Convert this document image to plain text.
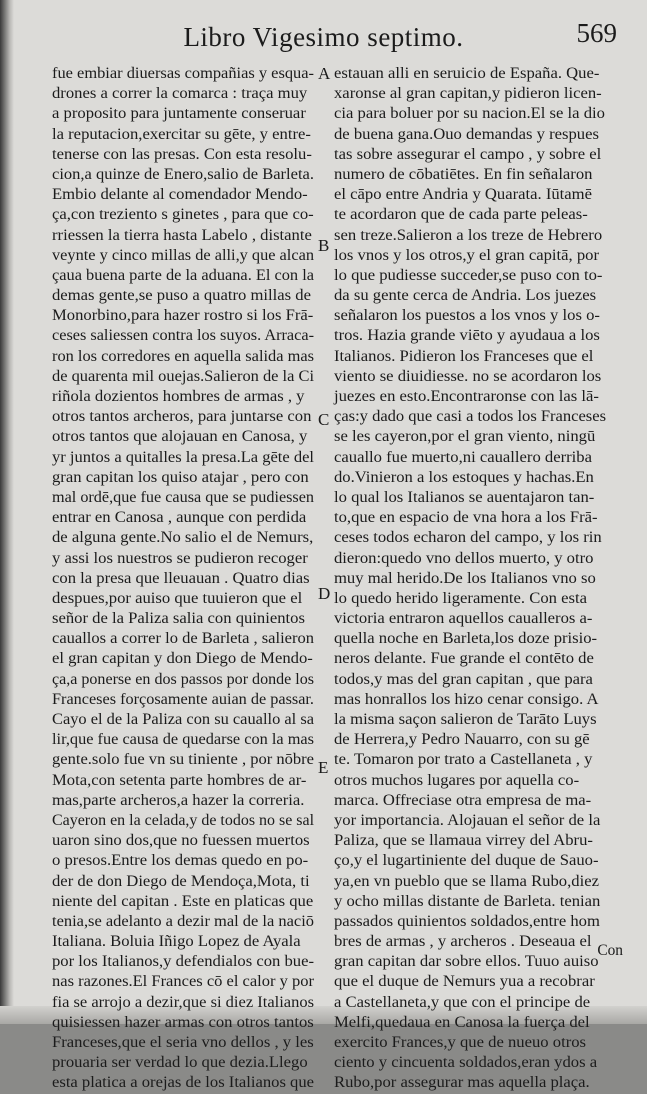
Libro Vigesimo septimo.	569
fue embiar diuersas compañias y esqua-
drones a correr la comarca : traça muy
a proposito para juntamente conseruar
la reputacion,exercitar su gēte, y entre-
tenerse con las presas. Con esta resolu-
cion,a quinze de Enero,salio de Barleta.
Embio delante al comendador Mendo-
ça,con treziento s ginetes , para que co-
rriessen la tierra hasta Labelo , distante
veynte y cinco millas de alli,y que alcan
çaua buena parte de la aduana. El con la
demas gente,se puso a quatro millas de
Monorbino,para hazer rostro si los Frā-
ceses saliessen contra los suyos. Arraca-
ron los corredores en aquella salida mas
de quarenta mil ouejas.Salieron de la Ci
riñola dozientos hombres de armas , y
otros tantos archeros, para juntarse con
otros tantos que alojauan en Canosa, y
yr juntos a quitalles la presa.La gēte del
gran capitan los quiso atajar , pero con
mal ordē,que fue causa que se pudiessen
entrar en Canosa , aunque con perdida
de alguna gente.No salio el de Nemurs,
y assi los nuestros se pudieron recoger
con la presa que lleuauan . Quatro dias
despues,por auiso que tuuieron que el
señor de la Paliza salia con quinientos
cauallos a correr lo de Barleta , salieron
el gran capitan y don Diego de Mendo-
ça,a ponerse en dos passos por donde los
Franceses forçosamente auian de passar.
Cayo el de la Paliza con su cauallo al sa
lir,que fue causa de quedarse con la mas
gente.solo fue vn su tiniente , por nōbre
Mota,con setenta parte hombres de ar-
mas,parte archeros,a hazer la correria.
Cayeron en la celada,y de todos no se sal
uaron sino dos,que no fuessen muertos
o presos.Entre los demas quedo en po-
der de don Diego de Mendoça,Mota, ti
niente del capitan . Este en platicas que
tenia,se adelanto a dezir mal de la naciō
Italiana. Boluia Iñigo Lopez de Ayala
por los Italianos,y defendialos con bue-
nas razones.El Frances cō el calor y por
fia se arrojo a dezir,que si diez Italianos
quisiessen hazer armas con otros tantos
Franceses,que el seria vno dellos , y les
prouaria ser verdad lo que dezia.Llego
esta platica a orejas de los Italianos que
A
B
C
D
E
estauan alli en seruicio de España. Que-
xaronse al gran capitan,y pidieron licen-
cia para boluer por su nacion.El se la dio
de buena gana.Ouo demandas y respues
tas sobre assegurar el campo , y sobre el
numero de cōbatiētes. En fin señalaron
el cāpo entre Andria y Quarata. Iūtamē
te acordaron que de cada parte peleas-
sen treze.Salieron a los treze de Hebrero
los vnos y los otros,y el gran capitā, por
lo que pudiesse succeder,se puso con to-
da su gente cerca de Andria. Los juezes
señalaron los puestos a los vnos y los o-
tros. Hazia grande viēto y ayudaua a los
Italianos. Pidieron los Franceses que el
viento se diuidiesse. no se acordaron los
juezes en esto.Encontraronse con las lā-
ças:y dado que casi a todos los Franceses
se les cayeron,por el gran viento, ningū
cauallo fue muerto,ni cauallero derriba
do.Vinieron a los estoques y hachas.En
lo qual los Italianos se auentajaron tan-
to,que en espacio de vna hora a los Frā-
ceses todos echaron del campo, y los rin
dieron:quedo vno dellos muerto, y otro
muy mal herido.De los Italianos vno so
lo quedo herido ligeramente. Con esta
victoria entraron aquellos caualleros a-
quella noche en Barleta,los doze prisio-
neros delante. Fue grande el contēto de
todos,y mas del gran capitan , que para
mas honrallos los hizo cenar consigo. A
la misma saçon salieron de Tarāto Luys
de Herrera,y Pedro Nauarro, con su gē
te. Tomaron por trato a Castellaneta , y
otros muchos lugares por aquella co-
marca. Offreciase otra empresa de ma-
yor importancia. Alojauan el señor de la
Paliza, que se llamaua virrey del Abru-
ço,y el lugartiniente del duque de Sauo-
ya,en vn pueblo que se llama Rubo,diez
y ocho millas distante de Barleta. tenian
passados quinientos soldados,entre hom
bres de armas , y archeros . Deseaua el
gran capitan dar sobre ellos. Tuuo auiso
que el duque de Nemurs yua a recobrar
a Castellaneta,y que con el principe de
Melfi,quedaua en Canosa la fuerça del
exercito Frances,y que de nueuo otros
ciento y cincuenta soldados,eran ydos a
Rubo,por assegurar mas aquella plaça.
Con
